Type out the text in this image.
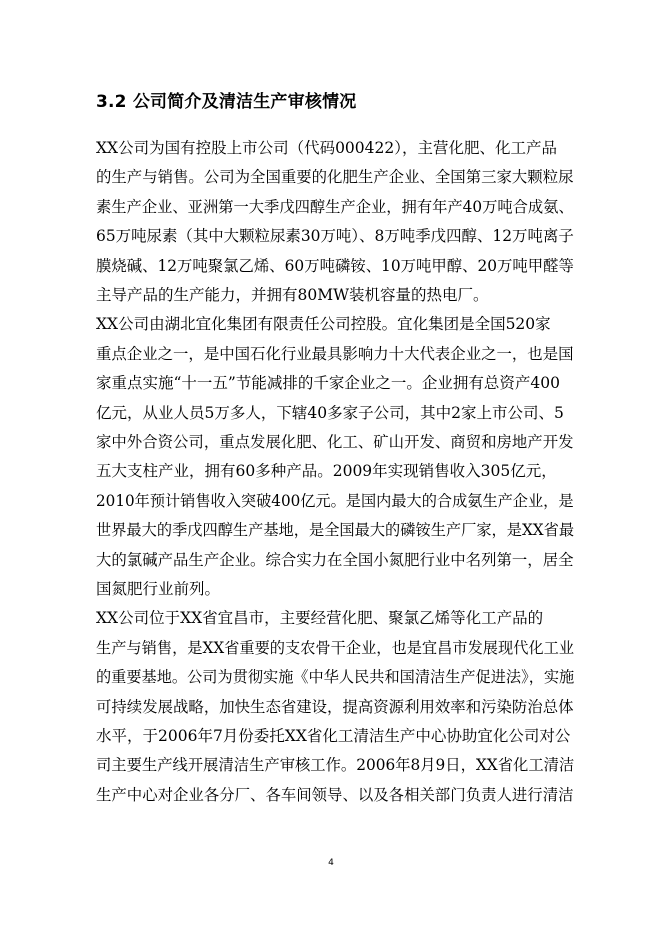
3.2 公司简介及清洁生产审核情况
XX公司为国有控股上市公司（代码000422），主营化肥、化工产品
的生产与销售。公司为全国重要的化肥生产企业、全国第三家大颗粒尿
素生产企业、亚洲第一大季戊四醇生产企业，拥有年产40万吨合成氨、
65万吨尿素（其中大颗粒尿素30万吨）、8万吨季戊四醇、12万吨离子
膜烧碱、12万吨聚氯乙烯、60万吨磷铵、10万吨甲醇、20万吨甲醛等
主导产品的生产能力，并拥有80MW装机容量的热电厂。
XX公司由湖北宜化集团有限责任公司控股。宜化集团是全国520家
重点企业之一，是中国石化行业最具影响力十大代表企业之一，也是国
家重点实施“十一五”节能减排的千家企业之一。企业拥有总资产400
亿元，从业人员5万多人，下辖40多家子公司，其中2家上市公司、5
家中外合资公司，重点发展化肥、化工、矿山开发、商贸和房地产开发
五大支柱产业，拥有60多种产品。2009年实现销售收入305亿元，
2010年预计销售收入突破400亿元。是国内最大的合成氨生产企业，是
世界最大的季戊四醇生产基地，是全国最大的磷铵生产厂家，是XX省最
大的氯碱产品生产企业。综合实力在全国小氮肥行业中名列第一，居全
国氮肥行业前列。
XX公司位于XX省宜昌市，主要经营化肥、聚氯乙烯等化工产品的
生产与销售，是XX省重要的支农骨干企业，也是宜昌市发展现代化工业
的重要基地。公司为贯彻实施《中华人民共和国清洁生产促进法》，实施
可持续发展战略，加快生态省建设，提高资源利用效率和污染防治总体
水平，于2006年7月份委托XX省化工清洁生产中心协助宜化公司对公
司主要生产线开展清洁生产审核工作。2006年8月9日，XX省化工清洁
生产中心对企业各分厂、各车间领导、以及各相关部门负责人进行清洁
4
